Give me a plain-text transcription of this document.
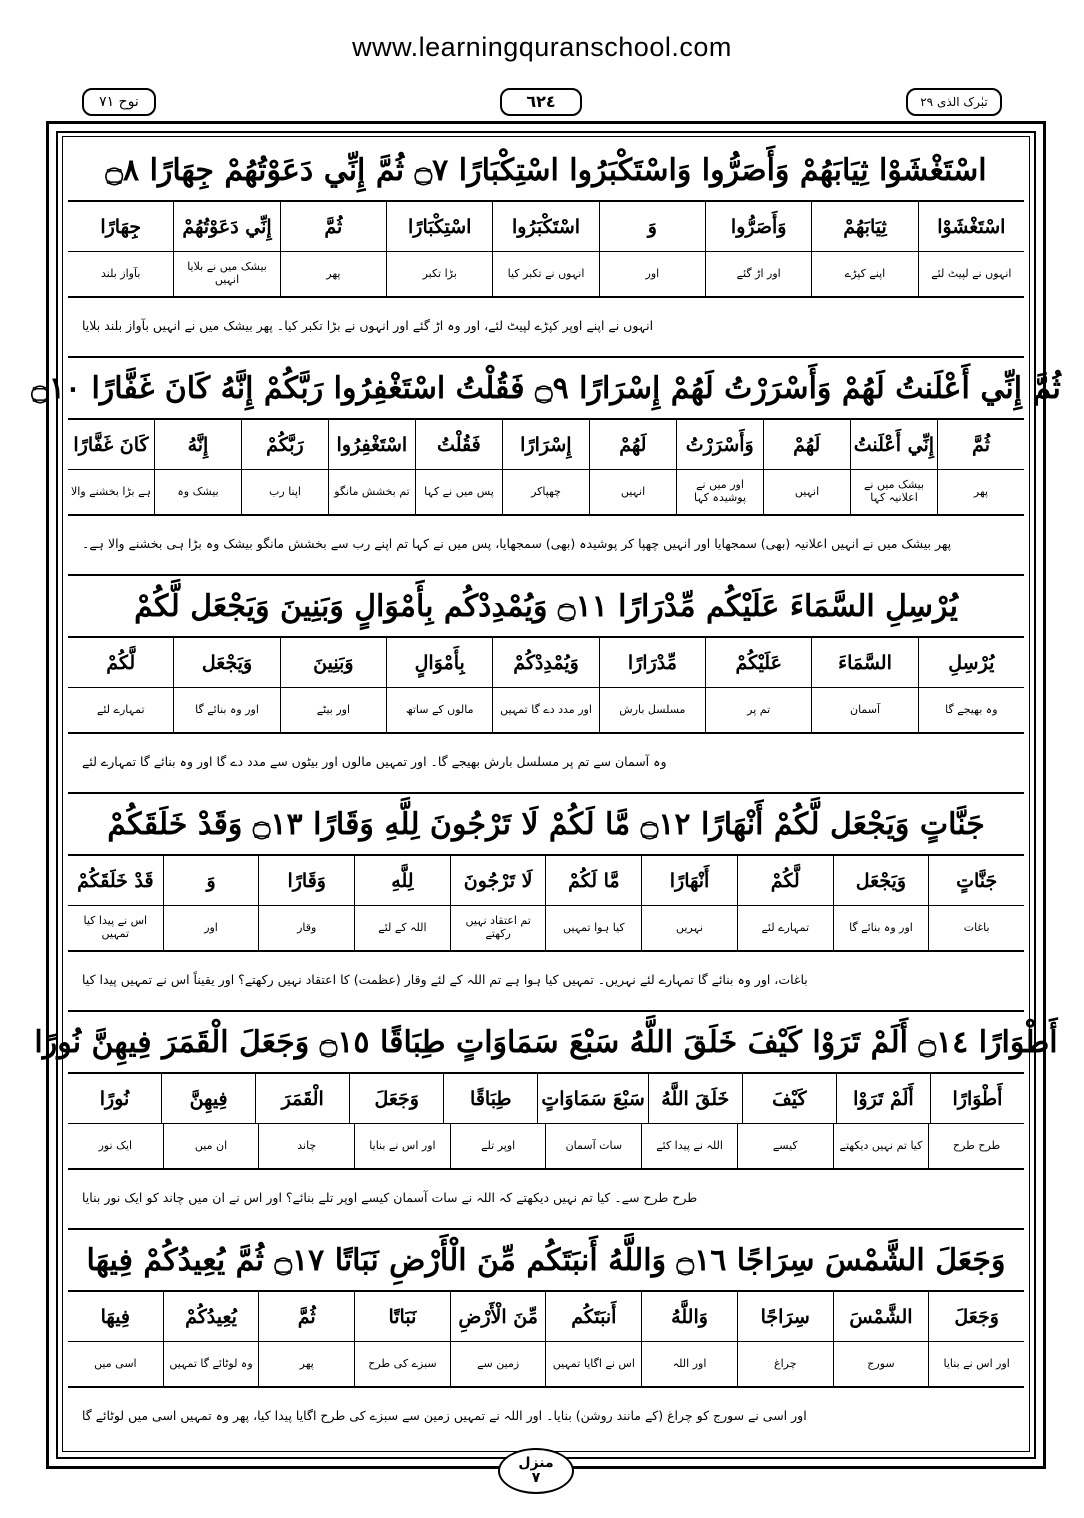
www.learningquranschool.com
نوح ٧١	٦٢٤	تبٰرک الذی ٢٩
اسْتَغْشَوْا ثِيَابَهُمْ وَأَصَرُّوا وَاسْتَكْبَرُوا اسْتِكْبَارًا ۝٧ ثُمَّ إِنِّي دَعَوْتُهُمْ جِهَارًا ۝٨
اسْتَغْشَوْا
ثِيَابَهُمْ
وَأَصَرُّوا
وَ
اسْتَكْبَرُوا
اسْتِكْبَارًا
ثُمَّ
إِنِّي دَعَوْتُهُمْ
جِهَارًا
انہوں نے لپیٹ لئے
اپنے کپڑے
اور اڑ گئے
اور
انہوں نے تکبر کیا
بڑا تکبر
پھر
بیشک میں نے بلایا انہیں
بآواز بلند
انہوں نے اپنے اوپر کپڑے لپیٹ لئے، اور وہ اڑ گئے اور انہوں نے بڑا تکبر کیا۔ پھر بیشک میں نے انہیں بآواز بلند بلایا
ثُمَّ إِنِّي أَعْلَنتُ لَهُمْ وَأَسْرَرْتُ لَهُمْ إِسْرَارًا ۝٩ فَقُلْتُ اسْتَغْفِرُوا رَبَّكُمْ إِنَّهُ كَانَ غَفَّارًا ۝١٠
ثُمَّ
إِنِّي أَعْلَنتُ
لَهُمْ
وَأَسْرَرْتُ
لَهُمْ
إِسْرَارًا
فَقُلْتُ
اسْتَغْفِرُوا
رَبَّكُمْ
إِنَّهُ
كَانَ غَفَّارًا
پھر
بیشک میں نے اعلانیہ کہا
انہیں
اور میں نے پوشیدہ کہا
انہیں
چھپاکر
پس میں نے کہا
تم بخشش مانگو
اپنا رب
بیشک وہ
ہے بڑا بخشنے والا
پھر بیشک میں نے انہیں اعلانیہ (بھی) سمجھایا اور انہیں چھپا کر پوشیدہ (بھی) سمجھایا، پس میں نے کہا تم اپنے رب سے بخشش مانگو بیشک وہ بڑا ہی بخشنے والا ہے۔
يُرْسِلِ السَّمَاءَ عَلَيْكُم مِّدْرَارًا ۝١١ وَيُمْدِدْكُم بِأَمْوَالٍ وَبَنِينَ وَيَجْعَل لَّكُمْ
يُرْسِلِ
السَّمَاءَ
عَلَيْكُمْ
مِّدْرَارًا
وَيُمْدِدْكُمْ
بِأَمْوَالٍ
وَبَنِينَ
وَيَجْعَل
لَّكُمْ
وہ بھیجے گا
آسمان
تم پر
مسلسل بارش
اور مدد دے گا تمہیں
مالوں کے ساتھ
اور بیٹے
اور وہ بنائے گا
تمہارے لئے
وہ آسمان سے تم پر مسلسل بارش بھیجے گا۔ اور تمہیں مالوں اور بیٹوں سے مدد دے گا اور وہ بنائے گا تمہارے لئے
جَنَّاتٍ وَيَجْعَل لَّكُمْ أَنْهَارًا ۝١٢ مَّا لَكُمْ لَا تَرْجُونَ لِلَّهِ وَقَارًا ۝١٣ وَقَدْ خَلَقَكُمْ
جَنَّاتٍ
وَيَجْعَل
لَّكُمْ
أَنْهَارًا
مَّا لَكُمْ
لَا تَرْجُونَ
لِلَّهِ
وَقَارًا
وَ
قَدْ خَلَقَكُمْ
باغات
اور وہ بنائے گا
تمہارے لئے
نہریں
کیا ہوا تمہیں
تم اعتقاد نہیں رکھتے
اللہ کے لئے
وقار
اور
اس نے پیدا کیا تمہیں
باغات، اور وہ بنائے گا تمہارے لئے نہریں۔ تمہیں کیا ہوا ہے تم اللہ کے لئے وقار (عظمت) کا اعتقاد نہیں رکھتے؟ اور یقیناً اس نے تمہیں پیدا کیا
أَطْوَارًا ۝١٤ أَلَمْ تَرَوْا كَيْفَ خَلَقَ اللَّهُ سَبْعَ سَمَاوَاتٍ طِبَاقًا ۝١٥ وَجَعَلَ الْقَمَرَ فِيهِنَّ نُورًا
أَطْوَارًا
أَلَمْ تَرَوْا
كَيْفَ
خَلَقَ اللَّهُ
سَبْعَ سَمَاوَاتٍ
طِبَاقًا
وَجَعَلَ
الْقَمَرَ
فِيهِنَّ
نُورًا
طرح طرح
کیا تم نہیں دیکھتے
کیسے
اللہ نے پیدا کئے
سات آسمان
اوپر تلے
اور اس نے بنایا
چاند
ان میں
ایک نور
طرح طرح سے۔ کیا تم نہیں دیکھتے کہ اللہ نے سات آسمان کیسے اوپر تلے بنائے؟ اور اس نے ان میں چاند کو ایک نور بنایا
وَجَعَلَ الشَّمْسَ سِرَاجًا ۝١٦ وَاللَّهُ أَنبَتَكُم مِّنَ الْأَرْضِ نَبَاتًا ۝١٧ ثُمَّ يُعِيدُكُمْ فِيهَا
وَجَعَلَ
الشَّمْسَ
سِرَاجًا
وَاللَّهُ
أَنبَتَكُم
مِّنَ الْأَرْضِ
نَبَاتًا
ثُمَّ
يُعِيدُكُمْ
فِيهَا
اور اس نے بنایا
سورج
چراغ
اور اللہ
اس نے اگایا تمہیں
زمین سے
سبزے کی طرح
پھر
وہ لوٹائے گا تمہیں
اسی میں
اور اسی نے سورج کو چراغ (کے مانند روشن) بنایا۔ اور اللہ نے تمہیں زمین سے سبزے کی طرح اگایا پیدا کیا، پھر وہ تمہیں اسی میں لوٹائے گا
منزل
٧
